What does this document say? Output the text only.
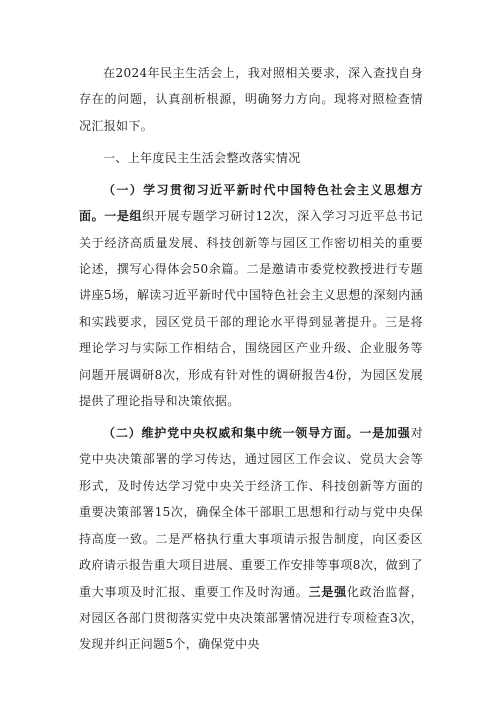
在2024年民主生活会上，我对照相关要求，深入查找自身存在的问题，认真剖析根源，明确努力方向。现将对照检查情况汇报如下。

一、上年度民主生活会整改落实情况

（一）学习贯彻习近平新时代中国特色社会主义思想方面。一是组织开展专题学习研讨12次，深入学习习近平总书记关于经济高质量发展、科技创新等与园区工作密切相关的重要论述，撰写心得体会50余篇。二是邀请市委党校教授进行专题讲座5场，解读习近平新时代中国特色社会主义思想的深刻内涵和实践要求，园区党员干部的理论水平得到显著提升。三是将理论学习与实际工作相结合，围绕园区产业升级、企业服务等问题开展调研8次，形成有针对性的调研报告4份，为园区发展提供了理论指导和决策依据。

（二）维护党中央权威和集中统一领导方面。一是加强对党中央决策部署的学习传达，通过园区工作会议、党员大会等形式，及时传达学习党中央关于经济工作、科技创新等方面的重要决策部署15次，确保全体干部职工思想和行动与党中央保持高度一致。二是严格执行重大事项请示报告制度，向区委区政府请示报告重大项目进展、重要工作安排等事项8次，做到了重大事项及时汇报、重要工作及时沟通。三是强化政治监督，对园区各部门贯彻落实党中央决策部署情况进行专项检查3次，发现并纠正问题5个，确保党中央
